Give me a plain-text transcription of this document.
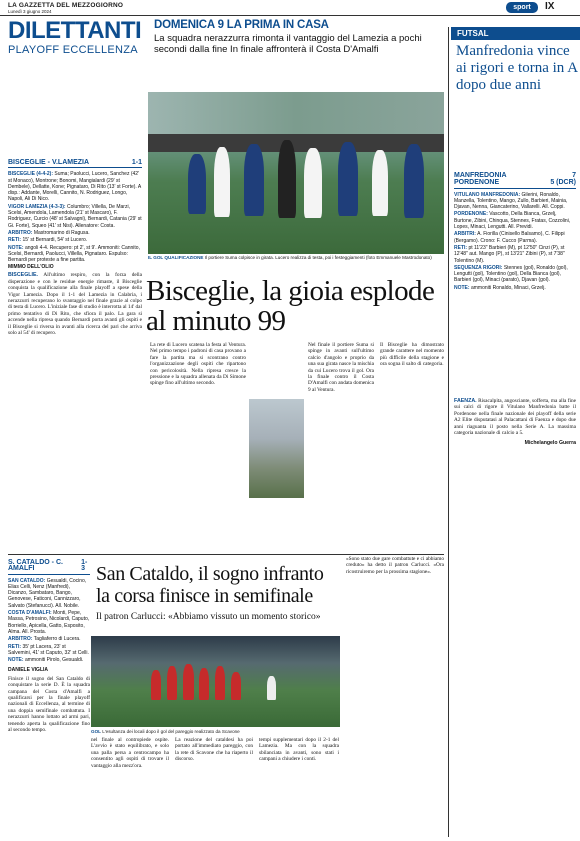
LA GAZZETTA DEL MEZZOGIORNO
Lunedì 3 giugno 2024
sport	IX
DILETTANTI
PLAYOFF ECCELLENZA
DOMENICA 9 LA PRIMA IN CASA
La squadra nerazzurra rimonta il vantaggio del Lamezia a pochi secondi dalla fine In finale affronterà il Costa D'Amalfi
FUTSAL
Manfredonia vince ai rigori e torna in A dopo due anni
BISCEGLIE - V.LAMEZIA	1-1

BISCEGLIE (4-4-2): Suma; Paolucci, Lucero, Sanchez (42' st Monaco), Montrone; Bonomi, Mangialardi (29' st Dembele), Dellatte, Kone; Pignataro, Di Rito (13' st Forte). A disp.: Addante, Morelli, Cannito, N. Rodriguez, Longo, Napoli, Ali Di Nico.

VIGOR LAMEZIA (4-3-3): Columbro; Villella, De Marzi, Scelsi, Amendola, Lamendola (21' st Mascaro), F. Rodriguez, Curcio (48' st Salvagni), Bernardi, Catania (29' st Gi. Forte), Squeo (41' st Nisi). Allenatore: Costa.

ARBITRO: Mastromarino di Ragusa.

RETI: 15' st Bernardi, 54' st Lucero.

NOTE: angoli 4-4. Recupero: pt 2', st 9'. Ammoniti: Cannito, Scelsi, Bernardi, Paolucci, Villella, Pignataro. Espulso: Bernardi per proteste a fine partita.	IL GOL QUALIFICAZIONE Il portiere Suma colpisce in girata. Lucero realizza di testa, poi i festeggiamenti (foto Emmanuele Mastrodonato)
Bisceglie, la gioia esplode al minuto 99
MIMMO DELL'OLIO

BISCEGLIE. All'ultimo respiro, con la forza della disperazione e con le residue energie rimaste, il Bisceglie conquista la qualificazione alla finale playoff a spese della Vigor Lamezia. Dopo il 1-1 del Lamezia in Calabria, i nerazzurri recuperano lo svantaggio nel finale grazie al colpo di testa di Lucero. L'iniziale fase di studio è interrotta al 14' dal primo tentativo di Di Rito, che sfiora il palo. La gara si accende nella ripresa quando Bernardi porta avanti gli ospiti e il Bisceglie si riversa in avanti alla ricerca del pari che arriva solo al 54' di recupero.

La rete di Lucero scatena la festa al Ventura. Nel primo tempo i padroni di casa provano a fare la partita ma si scontrano contro l'organizzazione degli ospiti che ripartono con pericolosità. Nella ripresa cresce la pressione e la squadra allenata da Di Simone spinge fino all'ultimo secondo.

Nel finale il portiere Suma si spinge in avanti sull'ultimo calcio d'angolo e proprio da una sua girata nasce la mischia da cui Lucero trova il gol. Ora la finale contro il Costa D'Amalfi con andata domenica 9 al Ventura.

Il Bisceglie ha dimostrato grande carattere nel momento più difficile della stagione e ora sogna il salto di categoria.

S. CATALDO - C. AMALFI
1-3

SAN CATALDO: Gesualdi, Cocino, Elias Celli, Nenz (Manfredi), Dicanzo, Sambataro, Bango, Genovese, Faticoni, Cannizzaro, Salvato (Stefanucci). All. Nobile.

COSTA D'AMALFI: Monti, Pepe, Massa, Petrosino, Nicolardi, Caputo, Borriello, Apicella, Gatto, Esposito, Alma. All. Prosta.

ARBITRO: Tagliaferro di Lucera.

RETI: 35' pt Lacera, 23' st Salvemini, 41' st Caputo, 32' st Celli.

NOTE: ammoniti Pirolo, Gesualdi.

DANIELE VIGLIA

Finisce il sogno del San Cataldo di conquistare la serie D. È la squadra campana del Costa d'Amalfi a qualificarsi per la finale playoff nazionali di Eccellenza, al termine di una doppia semifinale combattuta. I nerazzurri hanno lottato ad armi pari, tenendo aperta la qualificazione fino al secondo tempo.

San Cataldo, il sogno infranto la corsa finisce in semifinale
Il patron Carlucci: «Abbiamo vissuto un momento storico»
GOL L'esultanza dei locali dopo il gol del pareggio realizzato da Scavone

«Sono stato due gare combattute e ci abbiamo creduto» ha detto il patron Carlucci. «Ora ricostruiremo per la prossima stagione».

nel finale al contropiede ospite. L'avvio è stato equilibrato, e solo una palla persa a centrocampo ha consentito agli ospiti di trovare il vantaggio alla mezz'ora.

La reazione del cataldesi ha poi portato all'immediato pareggio, con la rete di Scavone che ha riaperto il discorso.

tempi supplementari dopo il 2-1 del Lamezia. Ma con la squadra sbilanciata in avanti, sono stati i campani a chiudere i conti.

MANFREDONIA	7
PORDENONE	5 (DCR)

VITULANO MANFREDONIA: Gilerini, Ronaldo, Manzella, Tolentino, Mango, Zullo, Barbieri, Mainia, Djavan, Nenna, Giancaterino, Vallarelli. All. Coppi.

PORDENONE: Vascotto, Della Bianca, Grzelj, Burtone, Zibini, Chinqua, Stennes, Fratas, Cozzolini, Lopes, Minaci, Lengutti. All. Previdi.

ARBITRI: A. Fiorilla (Cinisello Balsamo), C. Filippi (Bergamo). Crono: F. Cucco (Parma).

RETI: pt 11'23" Barbieri (M), pt 12'50" Cinzi (P), st 12'48" aut. Mango (P), st 13'21" Zibini (P), st 7'38" Tolentino (M).

SEQUENZA RIGORI: Stennes (gol), Ronaldo (gol), Lengutti (gol), Tolentino (gol), Della Bianca (gol), Barbieri (gol), Minaci (parato), Djavan (gol).

NOTE: ammoniti Ronaldo, Minaci, Grzelj.

FAENZA. Risacalpita, angosciante, sofferta, ma alla fine sui calci di rigore il Vitulano Manfredonia batte il Pordenone nella finale nazionale dei playoff della serie A2 Elite disputatasi al Palacattani di Faenza e dopo due anni riaguanta il posto nella Serie A. La massima categoria nazionale di calcio a 5.

Michelangelo Guerra
